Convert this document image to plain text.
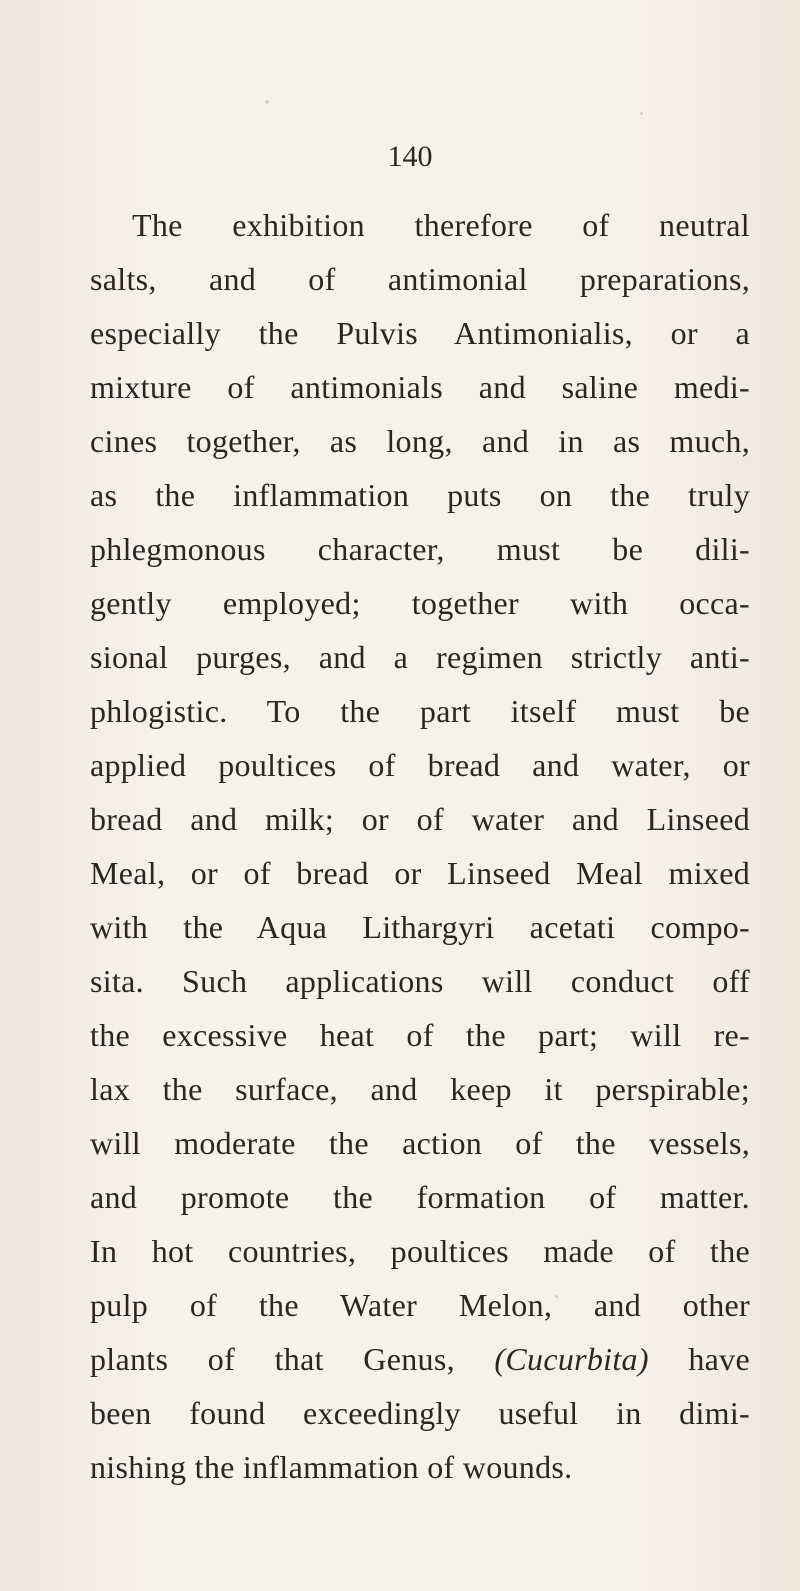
140
The exhibition therefore of neutral
salts, and of antimonial preparations,
especially the Pulvis Antimonialis, or a
mixture of antimonials and saline medi-
cines together, as long, and in as much,
as the inflammation puts on the truly
phlegmonous character, must be dili-
gently employed; together with occa-
sional purges, and a regimen strictly anti-
phlogistic. To the part itself must be
applied poultices of bread and water, or
bread and milk; or of water and Linseed
Meal, or of bread or Linseed Meal mixed
with the Aqua Lithargyri acetati compo-
sita. Such applications will conduct off
the excessive heat of the part; will re-
lax the surface, and keep it perspirable;
will moderate the action of the vessels,
and promote the formation of matter.
In hot countries, poultices made of the
pulp of the Water Melon, and other
plants of that Genus, (Cucurbita) have
been found exceedingly useful in dimi-
nishing the inflammation of wounds.
